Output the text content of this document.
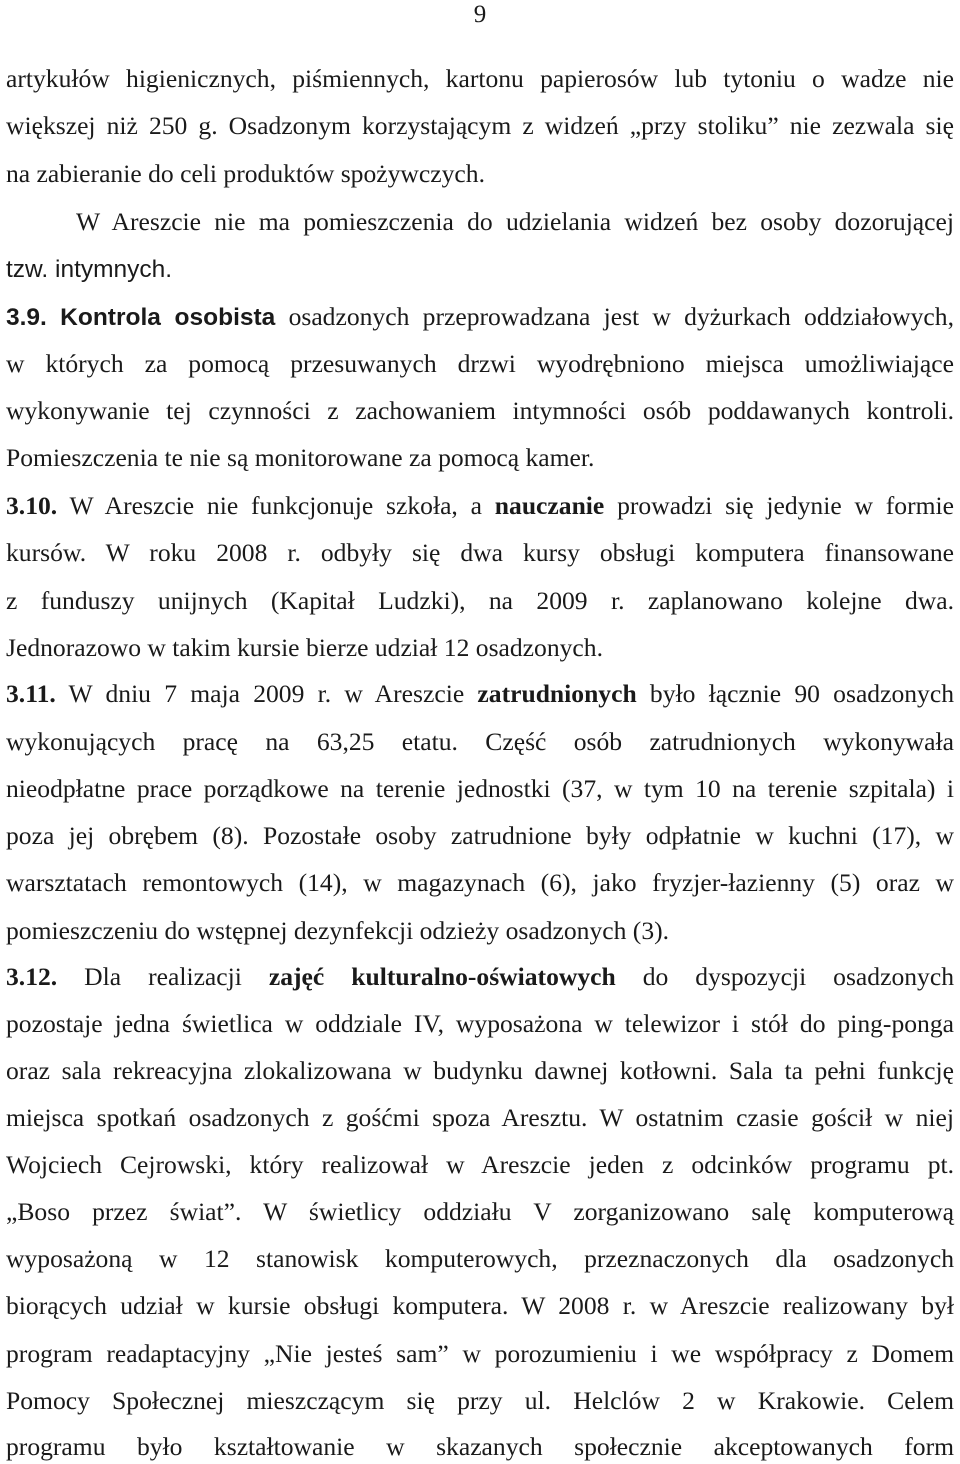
9
artykułów higienicznych, piśmiennych, kartonu papierosów lub tytoniu o wadze nie
większej niż 250 g. Osadzonym korzystającym z widzeń „przy stoliku” nie zezwala się
na zabieranie do celi produktów spożywczych.
W Areszcie nie ma pomieszczenia do udzielania widzeń bez osoby dozorującej
tzw. intymnych.
3.9. Kontrola osobista osadzonych przeprowadzana jest w dyżurkach oddziałowych,
w których za pomocą przesuwanych drzwi wyodrębniono miejsca umożliwiające
wykonywanie tej czynności z zachowaniem intymności osób poddawanych kontroli.
Pomieszczenia te nie są monitorowane za pomocą kamer.
3.10. W Areszcie nie funkcjonuje szkoła, a nauczanie prowadzi się jedynie w formie
kursów. W roku 2008 r. odbyły się dwa kursy obsługi komputera finansowane
z funduszy unijnych (Kapitał Ludzki), na 2009 r. zaplanowano kolejne dwa.
Jednorazowo w takim kursie bierze udział 12 osadzonych.
3.11. W dniu 7 maja 2009 r. w Areszcie zatrudnionych było łącznie 90 osadzonych
wykonujących pracę na 63,25 etatu. Część osób zatrudnionych wykonywała
nieodpłatne prace porządkowe na terenie jednostki (37, w tym 10 na terenie szpitala) i
poza jej obrębem (8). Pozostałe osoby zatrudnione były odpłatnie w kuchni (17), w
warsztatach remontowych (14), w magazynach (6), jako fryzjer-łazienny (5) oraz w
pomieszczeniu do wstępnej dezynfekcji odzieży osadzonych (3).
3.12. Dla realizacji zajęć kulturalno-oświatowych do dyspozycji osadzonych
pozostaje jedna świetlica w oddziale IV, wyposażona w telewizor i stół do ping-ponga
oraz sala rekreacyjna zlokalizowana w budynku dawnej kotłowni. Sala ta pełni funkcję
miejsca spotkań osadzonych z gośćmi spoza Aresztu. W ostatnim czasie gościł w niej
Wojciech Cejrowski, który realizował w Areszcie jeden z odcinków programu pt.
„Boso przez świat”. W świetlicy oddziału V zorganizowano salę komputerową
wyposażoną w 12 stanowisk komputerowych, przeznaczonych dla osadzonych
biorących udział w kursie obsługi komputera. W 2008 r. w Areszcie realizowany był
program readaptacyjny „Nie jesteś sam” w porozumieniu i we współpracy z Domem
Pomocy Społecznej mieszczącym się przy ul. Helclów 2 w Krakowie. Celem
programu było kształtowanie w skazanych społecznie akceptowanych form
